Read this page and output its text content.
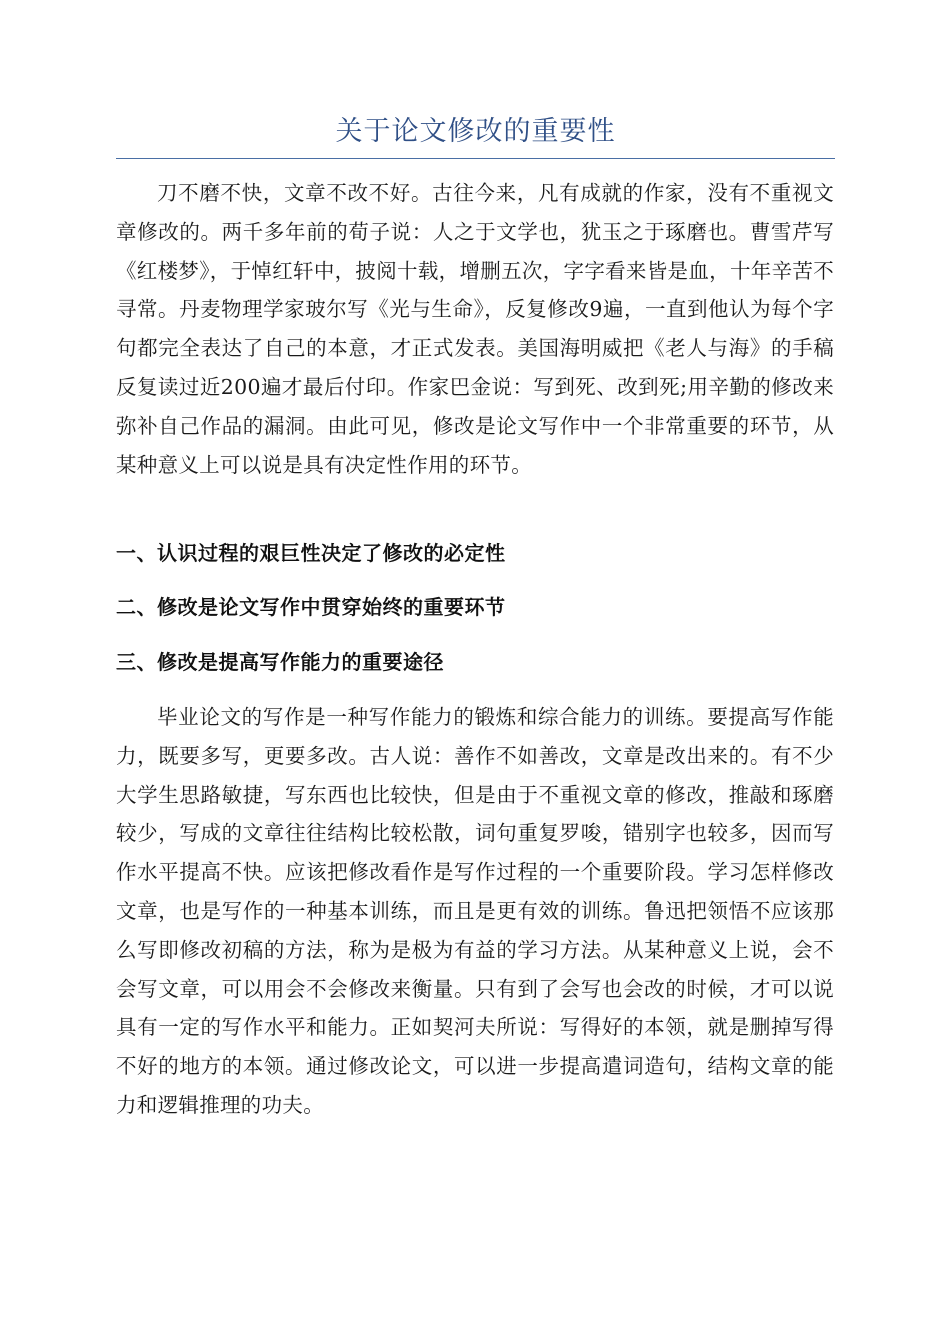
关于论文修改的重要性

刀不磨不快，文章不改不好。古往今来，凡有成就的作家，没有不重视文章修改的。两千多年前的荀子说：人之于文学也，犹玉之于琢磨也。曹雪芹写《红楼梦》，于悼红轩中，披阅十载，增删五次，字字看来皆是血，十年辛苦不寻常。丹麦物理学家玻尔写《光与生命》，反复修改9遍，一直到他认为每个字句都完全表达了自己的本意，才正式发表。美国海明威把《老人与海》的手稿反复读过近200遍才最后付印。作家巴金说：写到死、改到死;用辛勤的修改来弥补自己作品的漏洞。由此可见，修改是论文写作中一个非常重要的环节，从某种意义上可以说是具有决定性作用的环节。

一、认识过程的艰巨性决定了修改的必定性
二、修改是论文写作中贯穿始终的重要环节
三、修改是提高写作能力的重要途径

毕业论文的写作是一种写作能力的锻炼和综合能力的训练。要提高写作能力，既要多写，更要多改。古人说：善作不如善改，文章是改出来的。有不少大学生思路敏捷，写东西也比较快，但是由于不重视文章的修改，推敲和琢磨较少，写成的文章往往结构比较松散，词句重复罗唆，错别字也较多，因而写作水平提高不快。应该把修改看作是写作过程的一个重要阶段。学习怎样修改文章，也是写作的一种基本训练，而且是更有效的训练。鲁迅把领悟不应该那么写即修改初稿的方法，称为是极为有益的学习方法。从某种意义上说，会不会写文章，可以用会不会修改来衡量。只有到了会写也会改的时候，才可以说具有一定的写作水平和能力。正如契河夫所说：写得好的本领，就是删掉写得不好的地方的本领。通过修改论文，可以进一步提高遣词造句，结构文章的能力和逻辑推理的功夫。
